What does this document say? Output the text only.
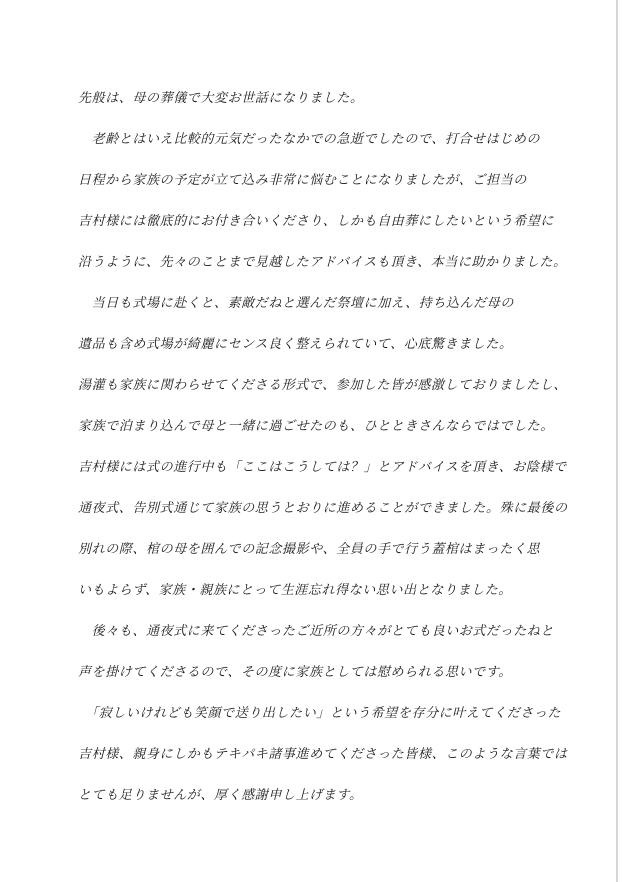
先般は、母の葬儀で大変お世話になりました。
　老齢とはいえ比較的元気だったなかでの急逝でしたので、打合せはじめの
日程から家族の予定が立て込み非常に悩むことになりましたが、ご担当の
吉村様には徹底的にお付き合いくださり、しかも自由葬にしたいという希望に
沿うように、先々のことまで見越したアドバイスも頂き、本当に助かりました。
　当日も式場に赴くと、素敵だねと選んだ祭壇に加え、持ち込んだ母の
遺品も含め式場が綺麗にセンス良く整えられていて、心底驚きました。
湯灌も家族に関わらせてくださる形式で、参加した皆が感激しておりましたし、
家族で泊まり込んで母と一緒に過ごせたのも、ひとときさんならではでした。
吉村様には式の進行中も「ここはこうしては？」とアドバイスを頂き、お陰様で
通夜式、告別式通じて家族の思うとおりに進めることができました。殊に最後の
別れの際、棺の母を囲んでの記念撮影や、全員の手で行う蓋棺はまったく思
いもよらず、家族・親族にとって生涯忘れ得ない思い出となりました。
　後々も、通夜式に来てくださったご近所の方々がとても良いお式だったねと
声を掛けてくださるので、その度に家族としては慰められる思いです。
　「寂しいけれども笑顔で送り出したい」という希望を存分に叶えてくださった
吉村様、親身にしかもテキパキ諸事進めてくださった皆様、このような言葉では
とても足りませんが、厚く感謝申し上げます。
